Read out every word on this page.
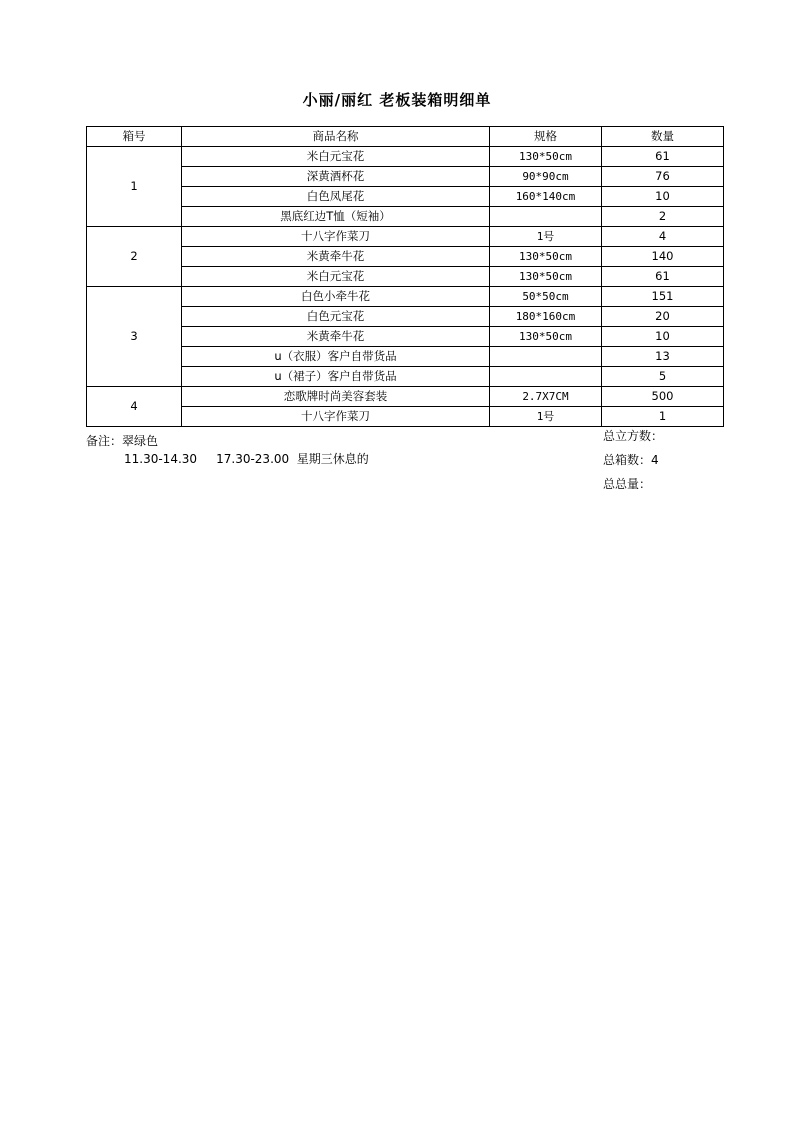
小丽/丽红 老板装箱明细单
箱号	商品名称	规格	数量
1	米白元宝花	130*50cm	61
	深黄酒杯花	90*90cm	76
	白色凤尾花	160*140cm	10
	黑底红边T恤（短袖）		2
2	十八字作菜刀	1号	4
	米黄牵牛花	130*50cm	140
	米白元宝花	130*50cm	61
3	白色小牵牛花	50*50cm	151
	白色元宝花	180*160cm	20
	米黄牵牛花	130*50cm	10
	u（衣服）客户自带货品		13
	u（裙子）客户自带货品		5
4	恋歌牌时尚美容套装	2.7X7CM	500
	十八字作菜刀	1号	1
备注：翠绿色
11.30-14.30     17.30-23.00  星期三休息的
总立方数：
总箱数：4
总总量：
